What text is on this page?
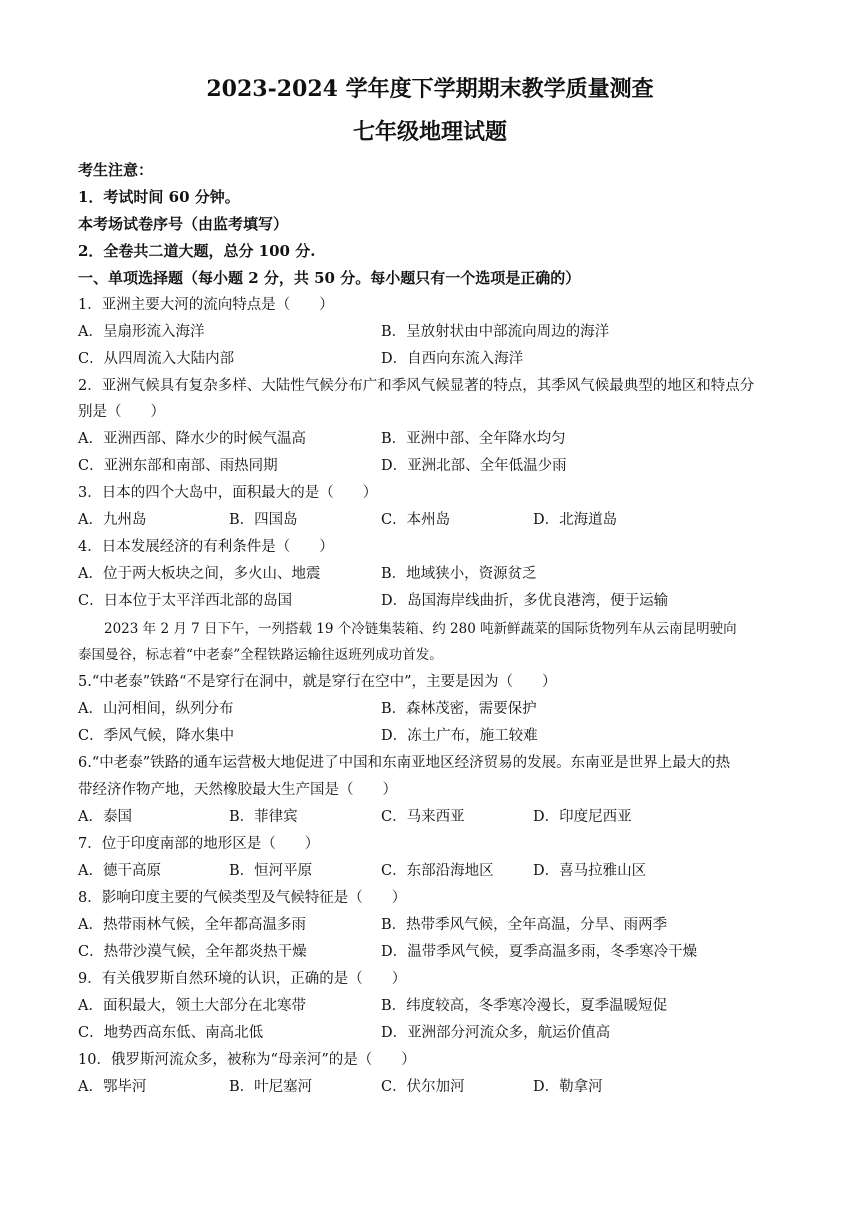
2023-2024 学年度下学期期末教学质量测查
七年级地理试题
考生注意：
1．考试时间 60 分钟。
本考场试卷序号（由监考填写）
2．全卷共二道大题，总分 100 分.
一、单项选择题（每小题 2 分，共 50 分。每小题只有一个选项是正确的）
1．亚洲主要大河的流向特点是（　　）
A．呈扇形流入海洋	B．呈放射状由中部流向周边的海洋
C．从四周流入大陆内部	D．自西向东流入海洋
2．亚洲气候具有复杂多样、大陆性气候分布广和季风气候显著的特点，其季风气候最典型的地区和特点分
别是（　　）
A．亚洲西部、降水少的时候气温高	B．亚洲中部、全年降水均匀
C．亚洲东部和南部、雨热同期	D．亚洲北部、全年低温少雨
3．日本的四个大岛中，面积最大的是（　　）
A．九州岛	B．四国岛	C．本州岛	D．北海道岛
4．日本发展经济的有利条件是（　　）
A．位于两大板块之间，多火山、地震	B．地域狭小，资源贫乏
C．日本位于太平洋西北部的岛国	D．岛国海岸线曲折，多优良港湾，便于运输
2023 年 2 月 7 日下午，一列搭载 19 个冷链集装箱、约 280 吨新鲜蔬菜的国际货物列车从云南昆明驶向
泰国曼谷，标志着“中老泰”全程铁路运输往返班列成功首发。
5.“中老泰”铁路“不是穿行在洞中，就是穿行在空中”，主要是因为（　　）
A．山河相间，纵列分布	B．森林茂密，需要保护
C．季风气候，降水集中	D．冻土广布，施工较难
6.“中老泰”铁路的通车运营极大地促进了中国和东南亚地区经济贸易的发展。东南亚是世界上最大的热
带经济作物产地，天然橡胶最大生产国是（　　）
A．泰国	B．菲律宾	C．马来西亚	D．印度尼西亚
7．位于印度南部的地形区是（　　）
A．德干高原	B．恒河平原	C．东部沿海地区	D．喜马拉雅山区
8．影响印度主要的气候类型及气候特征是（　　）
A．热带雨林气候，全年都高温多雨	B．热带季风气候，全年高温，分旱、雨两季
C．热带沙漠气候，全年都炎热干燥	D．温带季风气候，夏季高温多雨，冬季寒冷干燥
9．有关俄罗斯自然环境的认识，正确的是（　　）
A．面积最大，领土大部分在北寒带	B．纬度较高，冬季寒冷漫长，夏季温暖短促
C．地势西高东低、南高北低	D．亚洲部分河流众多，航运价值高
10．俄罗斯河流众多，被称为“母亲河”的是（　　）
A．鄂毕河	B．叶尼塞河	C．伏尔加河	D．勒拿河
